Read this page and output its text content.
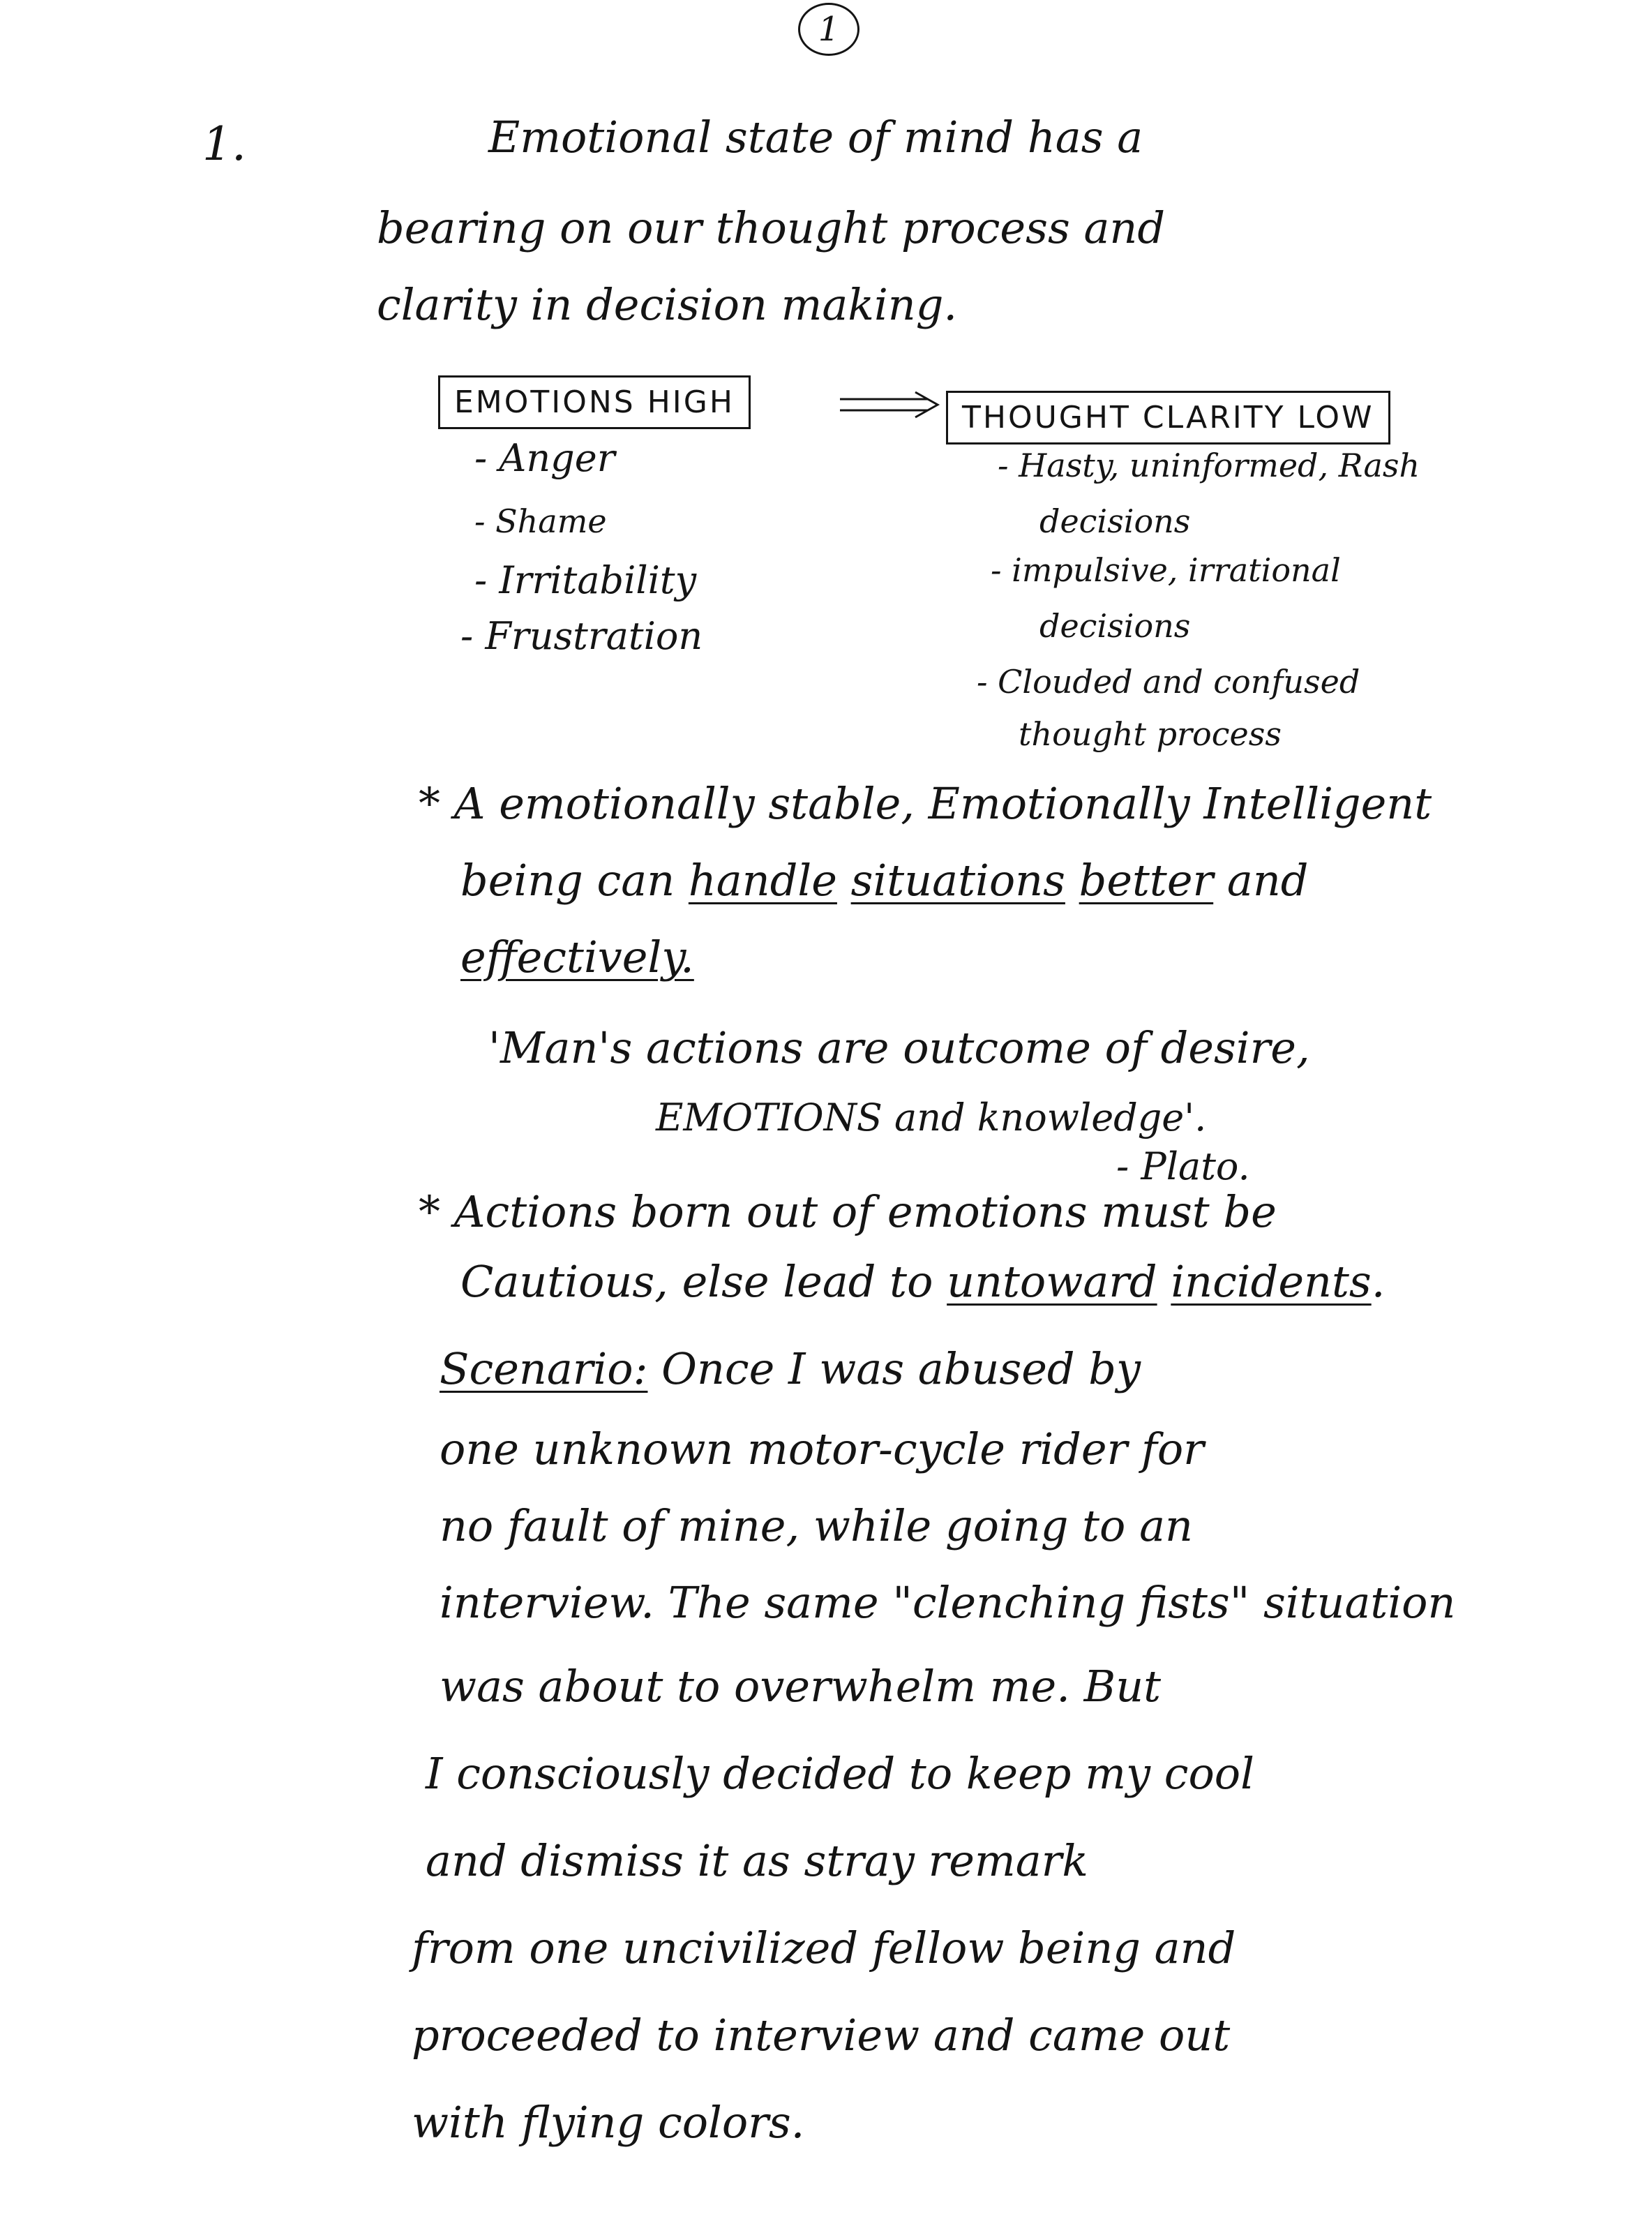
1
1.	Emotional state of mind has a
bearing on our thought process and
clarity in decision making.
EMOTIONS HIGH	THOUGHT CLARITY LOW
- Anger
- Shame
- Irritability
- Frustration
- Hasty, uninformed, Rash
decisions
- impulsive, irrational
decisions
- Clouded and confused
thought process
* A emotionally stable, Emotionally Intelligent
being can handle situations better and
effectively.
'Man's actions are outcome of desire,
EMOTIONS and knowledge'.
- Plato.
* Actions born out of emotions must be
Cautious, else lead to untoward incidents.
Scenario: Once I was abused by
one unknown motor-cycle rider for
no fault of mine, while going to an
interview. The same "clenching fists" situation
was about to overwhelm me. But
I consciously decided to keep my cool
and dismiss it as stray remark
from one uncivilized fellow being and
proceeded to interview and came out
with flying colors.
